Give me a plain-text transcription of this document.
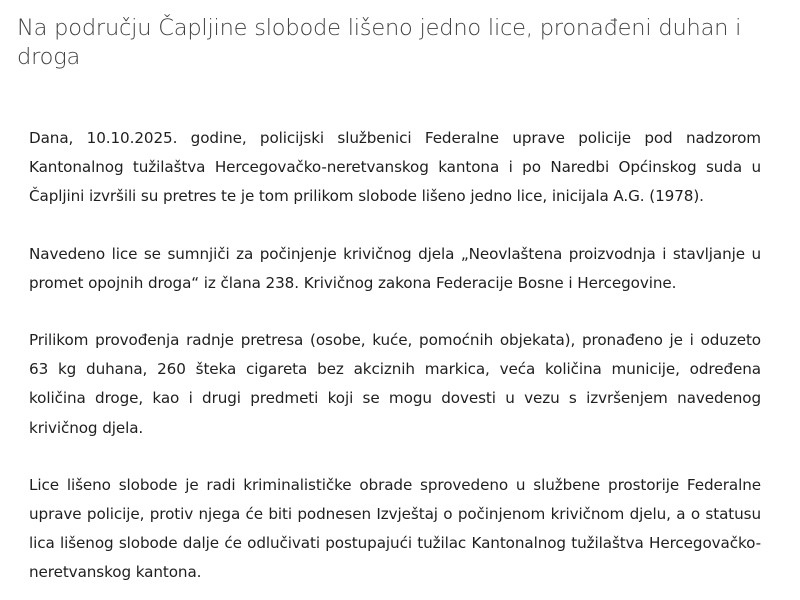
Na području Čapljine slobode lišeno jedno lice, pronađeni duhan i droga

Dana, 10.10.2025. godine, policijski službenici Federalne uprave policije pod nadzorom Kantonalnog tužilaštva Hercegovačko-neretvanskog kantona i po Naredbi Općinskog suda u Čapljini izvršili su pretres te je tom prilikom slobode lišeno jedno lice, inicijala A.G. (1978).

Navedeno lice se sumnjiči za počinjenje krivičnog djela „Neovlaštena proizvodnja i stavljanje u promet opojnih droga“ iz člana 238. Krivičnog zakona Federacije Bosne i Hercegovine.

Prilikom provođenja radnje pretresa (osobe, kuće, pomoćnih objekata), pronađeno je i oduzeto 63 kg duhana, 260 šteka cigareta bez akciznih markica, veća količina municije, određena količina droge, kao i drugi predmeti koji se mogu dovesti u vezu s izvršenjem navedenog krivičnog djela.

Lice lišeno slobode je radi kriminalističke obrade sprovedeno u službene prostorije Federalne uprave policije, protiv njega će biti podnesen Izvještaj o počinjenom krivičnom djelu, a o statusu lica lišenog slobode dalje će odlučivati postupajući tužilac Kantonalnog tužilaštva Hercegovačko-neretvanskog kantona.
